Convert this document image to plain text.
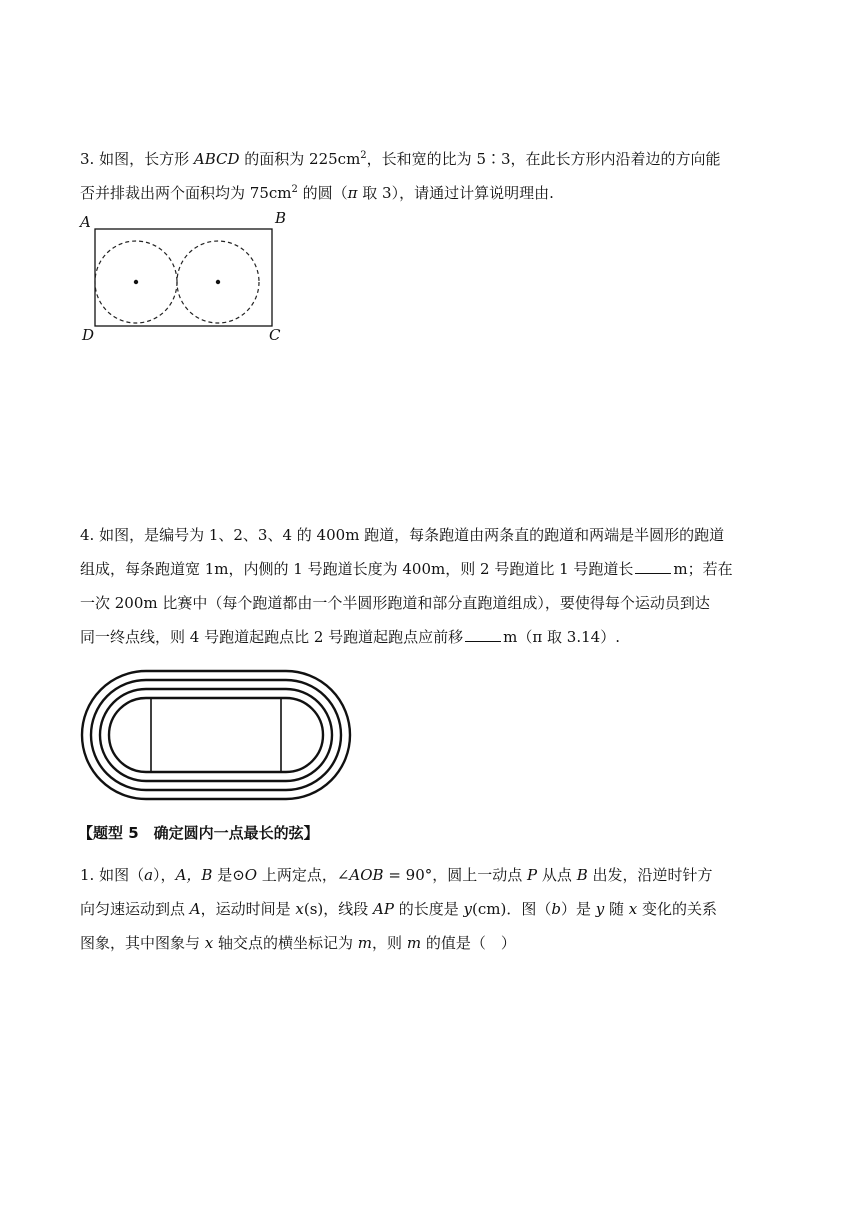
3. 如图，长方形 ABCD 的面积为 $225cm^2$，长和宽的比为 5∶3，在此长方形内沿着边的方向能
否并排裁出两个面积均为 $75cm^2$ 的圆（π 取 3），请通过计算说明理由.
A	B
D	C
4. 如图，是编号为 1、2、3、4 的 400m 跑道，每条跑道由两条直的跑道和两端是半圆形的跑道
组成，每条跑道宽 1m，内侧的 1 号跑道长度为 400m，则 2 号跑道比 1 号跑道长	m；若在
一次 200m 比赛中（每个跑道都由一个半圆形跑道和部分直跑道组成），要使得每个运动员到达
同一终点线，则 4 号跑道起跑点比 2 号跑道起跑点应前移	m（π 取 3.14）.
【题型 5　确定圆内一点最长的弦】
1. 如图（a），A，B 是⊙O 上两定点，∠AOB = 90°，圆上一动点 P 从点 B 出发，沿逆时针方
向匀速运动到点 A，运动时间是 x(s)，线段 AP 的长度是 y(cm)．图（b）是 y 随 x 变化的关系
图象，其中图象与 x 轴交点的横坐标记为 m，则 m 的值是（　）
